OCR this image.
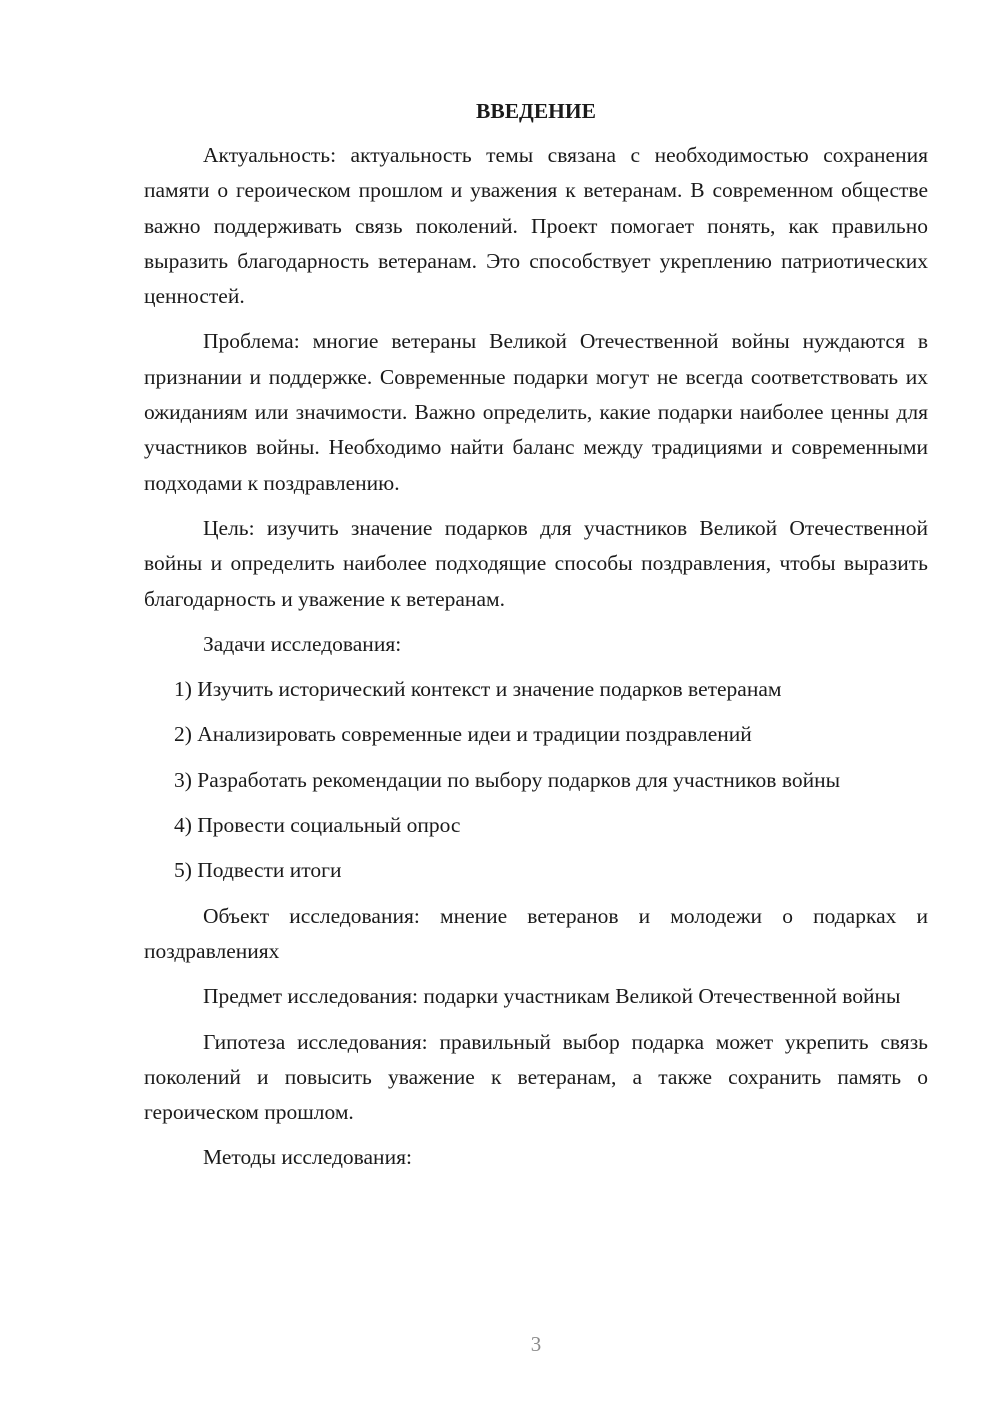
ВВЕДЕНИЕ

Актуальность: актуальность темы связана с необходимостью сохранения памяти о героическом прошлом и уважения к ветеранам. В современном обществе важно поддерживать связь поколений. Проект помогает понять, как правильно выразить благодарность ветеранам. Это способствует укреплению патриотических ценностей.

Проблема: многие ветераны Великой Отечественной войны нуждаются в признании и поддержке. Современные подарки могут не всегда соответствовать их ожиданиям или значимости. Важно определить, какие подарки наиболее ценны для участников войны. Необходимо найти баланс между традициями и современными подходами к поздравлению.

Цель: изучить значение подарков для участников Великой Отечественной войны и определить наиболее подходящие способы поздравления, чтобы выразить благодарность и уважение к ветеранам.

Задачи исследования:

1) Изучить исторический контекст и значение подарков ветеранам

2) Анализировать современные идеи и традиции поздравлений

3) Разработать рекомендации по выбору подарков для участников войны

4) Провести социальный опрос

5) Подвести итоги

Объект исследования: мнение ветеранов и молодежи о подарках и поздравлениях

Предмет исследования: подарки участникам Великой Отечественной войны

Гипотеза исследования: правильный выбор подарка может укрепить связь поколений и повысить уважение к ветеранам, а также сохранить память о героическом прошлом.

Методы исследования:

3
